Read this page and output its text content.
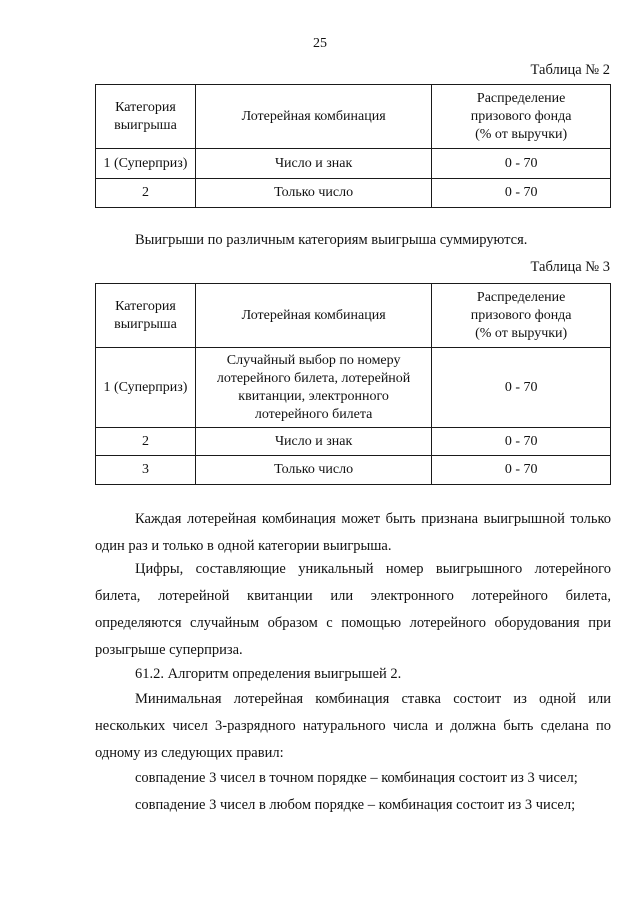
25
Таблица № 2
Категория
выигрыша	Лотерейная комбинация	Распределение
призового фонда
(% от выручки)
1 (Суперприз)	Число и знак	0 - 70
2	Только число	0 - 70
Выигрыши по различным категориям выигрыша суммируются.
Таблица № 3
Категория
выигрыша	Лотерейная комбинация	Распределение
призового фонда
(% от выручки)
1 (Суперприз)	Случайный выбор по номеру
лотерейного билета, лотерейной
квитанции, электронного
лотерейного билета	0 - 70
2	Число и знак	0 - 70
3	Только число	0 - 70

Каждая лотерейная комбинация может быть признана выигрышной только один раз и только в одной категории выигрыша.

Цифры, составляющие уникальный номер выигрышного лотерейного билета, лотерейной квитанции или электронного лотерейного билета, определяются случайным образом с помощью лотерейного оборудования при розыгрыше суперприза.

61.2. Алгоритм определения выигрышей 2.

Минимальная лотерейная комбинация ставка состоит из одной или нескольких чисел 3-разрядного натурального числа и должна быть сделана по одному из следующих правил:

совпадение 3 чисел в точном порядке – комбинация состоит из 3 чисел;
совпадение 3 чисел в любом порядке – комбинация состоит из 3 чисел;
